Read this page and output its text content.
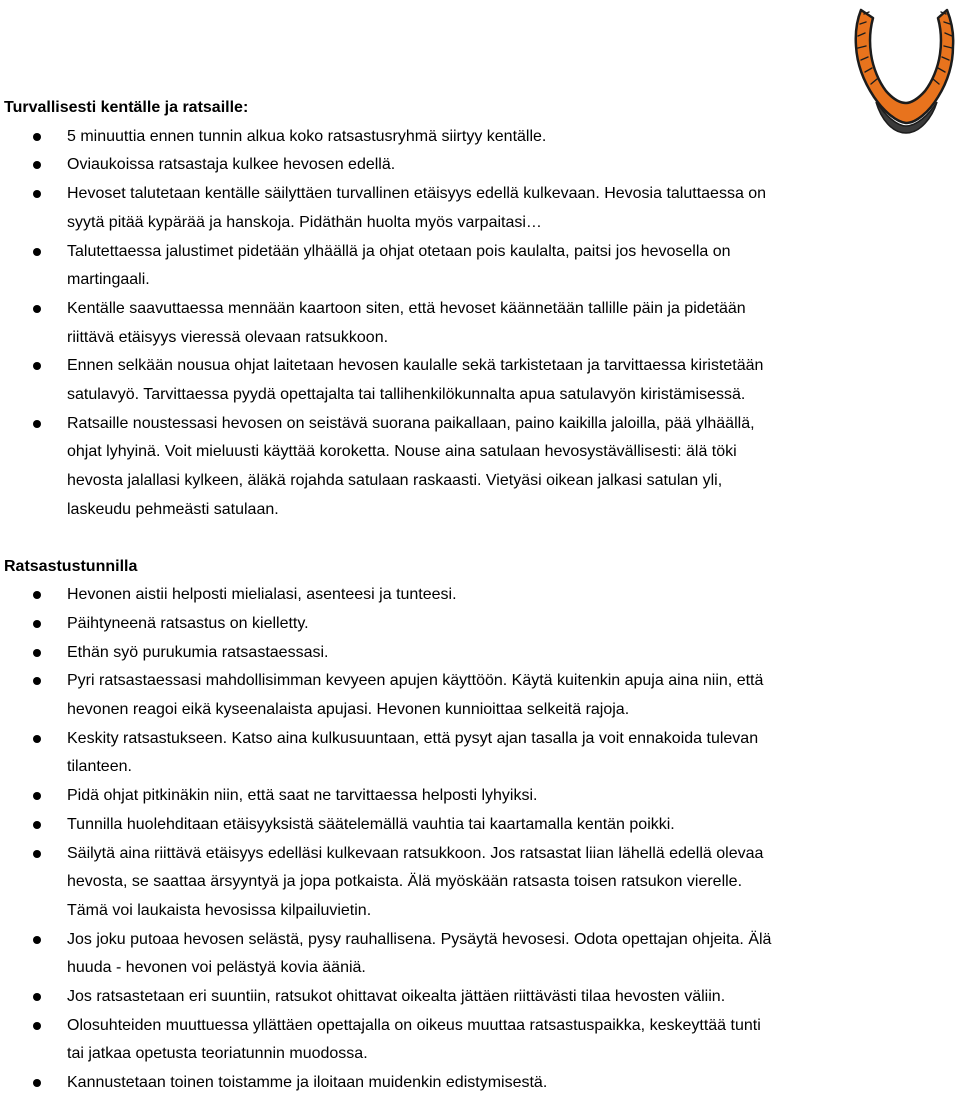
Turvallisesti kentälle ja ratsaille:
5 minuuttia ennen tunnin alkua koko ratsastusryhmä siirtyy kentälle.
Oviaukoissa ratsastaja kulkee hevosen edellä.
Hevoset talutetaan kentälle säilyttäen turvallinen etäisyys edellä kulkevaan. Hevosia taluttaessa on
syytä pitää kypärää ja hanskoja. Pidäthän huolta myös varpaitasi…
Talutettaessa jalustimet pidetään ylhäällä ja ohjat otetaan pois kaulalta, paitsi jos hevosella on
martingaali.
Kentälle saavuttaessa mennään kaartoon siten, että hevoset käännetään tallille päin ja pidetään
riittävä etäisyys vieressä olevaan ratsukkoon.
Ennen selkään nousua ohjat laitetaan hevosen kaulalle sekä tarkistetaan ja tarvittaessa kiristetään
satulavyö. Tarvittaessa pyydä opettajalta tai tallihenkilökunnalta apua satulavyön kiristämisessä.
Ratsaille noustessasi hevosen on seistävä suorana paikallaan, paino kaikilla jaloilla, pää ylhäällä,
ohjat lyhyinä. Voit mieluusti käyttää koroketta. Nouse aina satulaan hevosystävällisesti: älä töki
hevosta jalallasi kylkeen, äläkä rojahda satulaan raskaasti. Vietyäsi oikean jalkasi satulan yli,
laskeudu pehmeästi satulaan.
Ratsastustunnilla
Hevonen aistii helposti mielialasi, asenteesi ja tunteesi.
Päihtyneenä ratsastus on kielletty.
Ethän syö purukumia ratsastaessasi.
Pyri ratsastaessasi mahdollisimman kevyeen apujen käyttöön. Käytä kuitenkin apuja aina niin, että
hevonen reagoi eikä kyseenalaista apujasi. Hevonen kunnioittaa selkeitä rajoja.
Keskity ratsastukseen. Katso aina kulkusuuntaan, että pysyt ajan tasalla ja voit ennakoida tulevan
tilanteen.
Pidä ohjat pitkinäkin niin, että saat ne tarvittaessa helposti lyhyiksi.
Tunnilla huolehditaan etäisyyksistä säätelemällä vauhtia tai kaartamalla kentän poikki.
Säilytä aina riittävä etäisyys edelläsi kulkevaan ratsukkoon. Jos ratsastat liian lähellä edellä olevaa
hevosta, se saattaa ärsyyntyä ja jopa potkaista. Älä myöskään ratsasta toisen ratsukon vierelle.
Tämä voi laukaista hevosissa kilpailuvietin.
Jos joku putoaa hevosen selästä, pysy rauhallisena. Pysäytä hevosesi. Odota opettajan ohjeita. Älä
huuda - hevonen voi pelästyä kovia ääniä.
Jos ratsastetaan eri suuntiin, ratsukot ohittavat oikealta jättäen riittävästi tilaa hevosten väliin.
Olosuhteiden muuttuessa yllättäen opettajalla on oikeus muuttaa ratsastuspaikka, keskeyttää tunti
tai jatkaa opetusta teoriatunnin muodossa.
Kannustetaan toinen toistamme ja iloitaan muidenkin edistymisestä.
